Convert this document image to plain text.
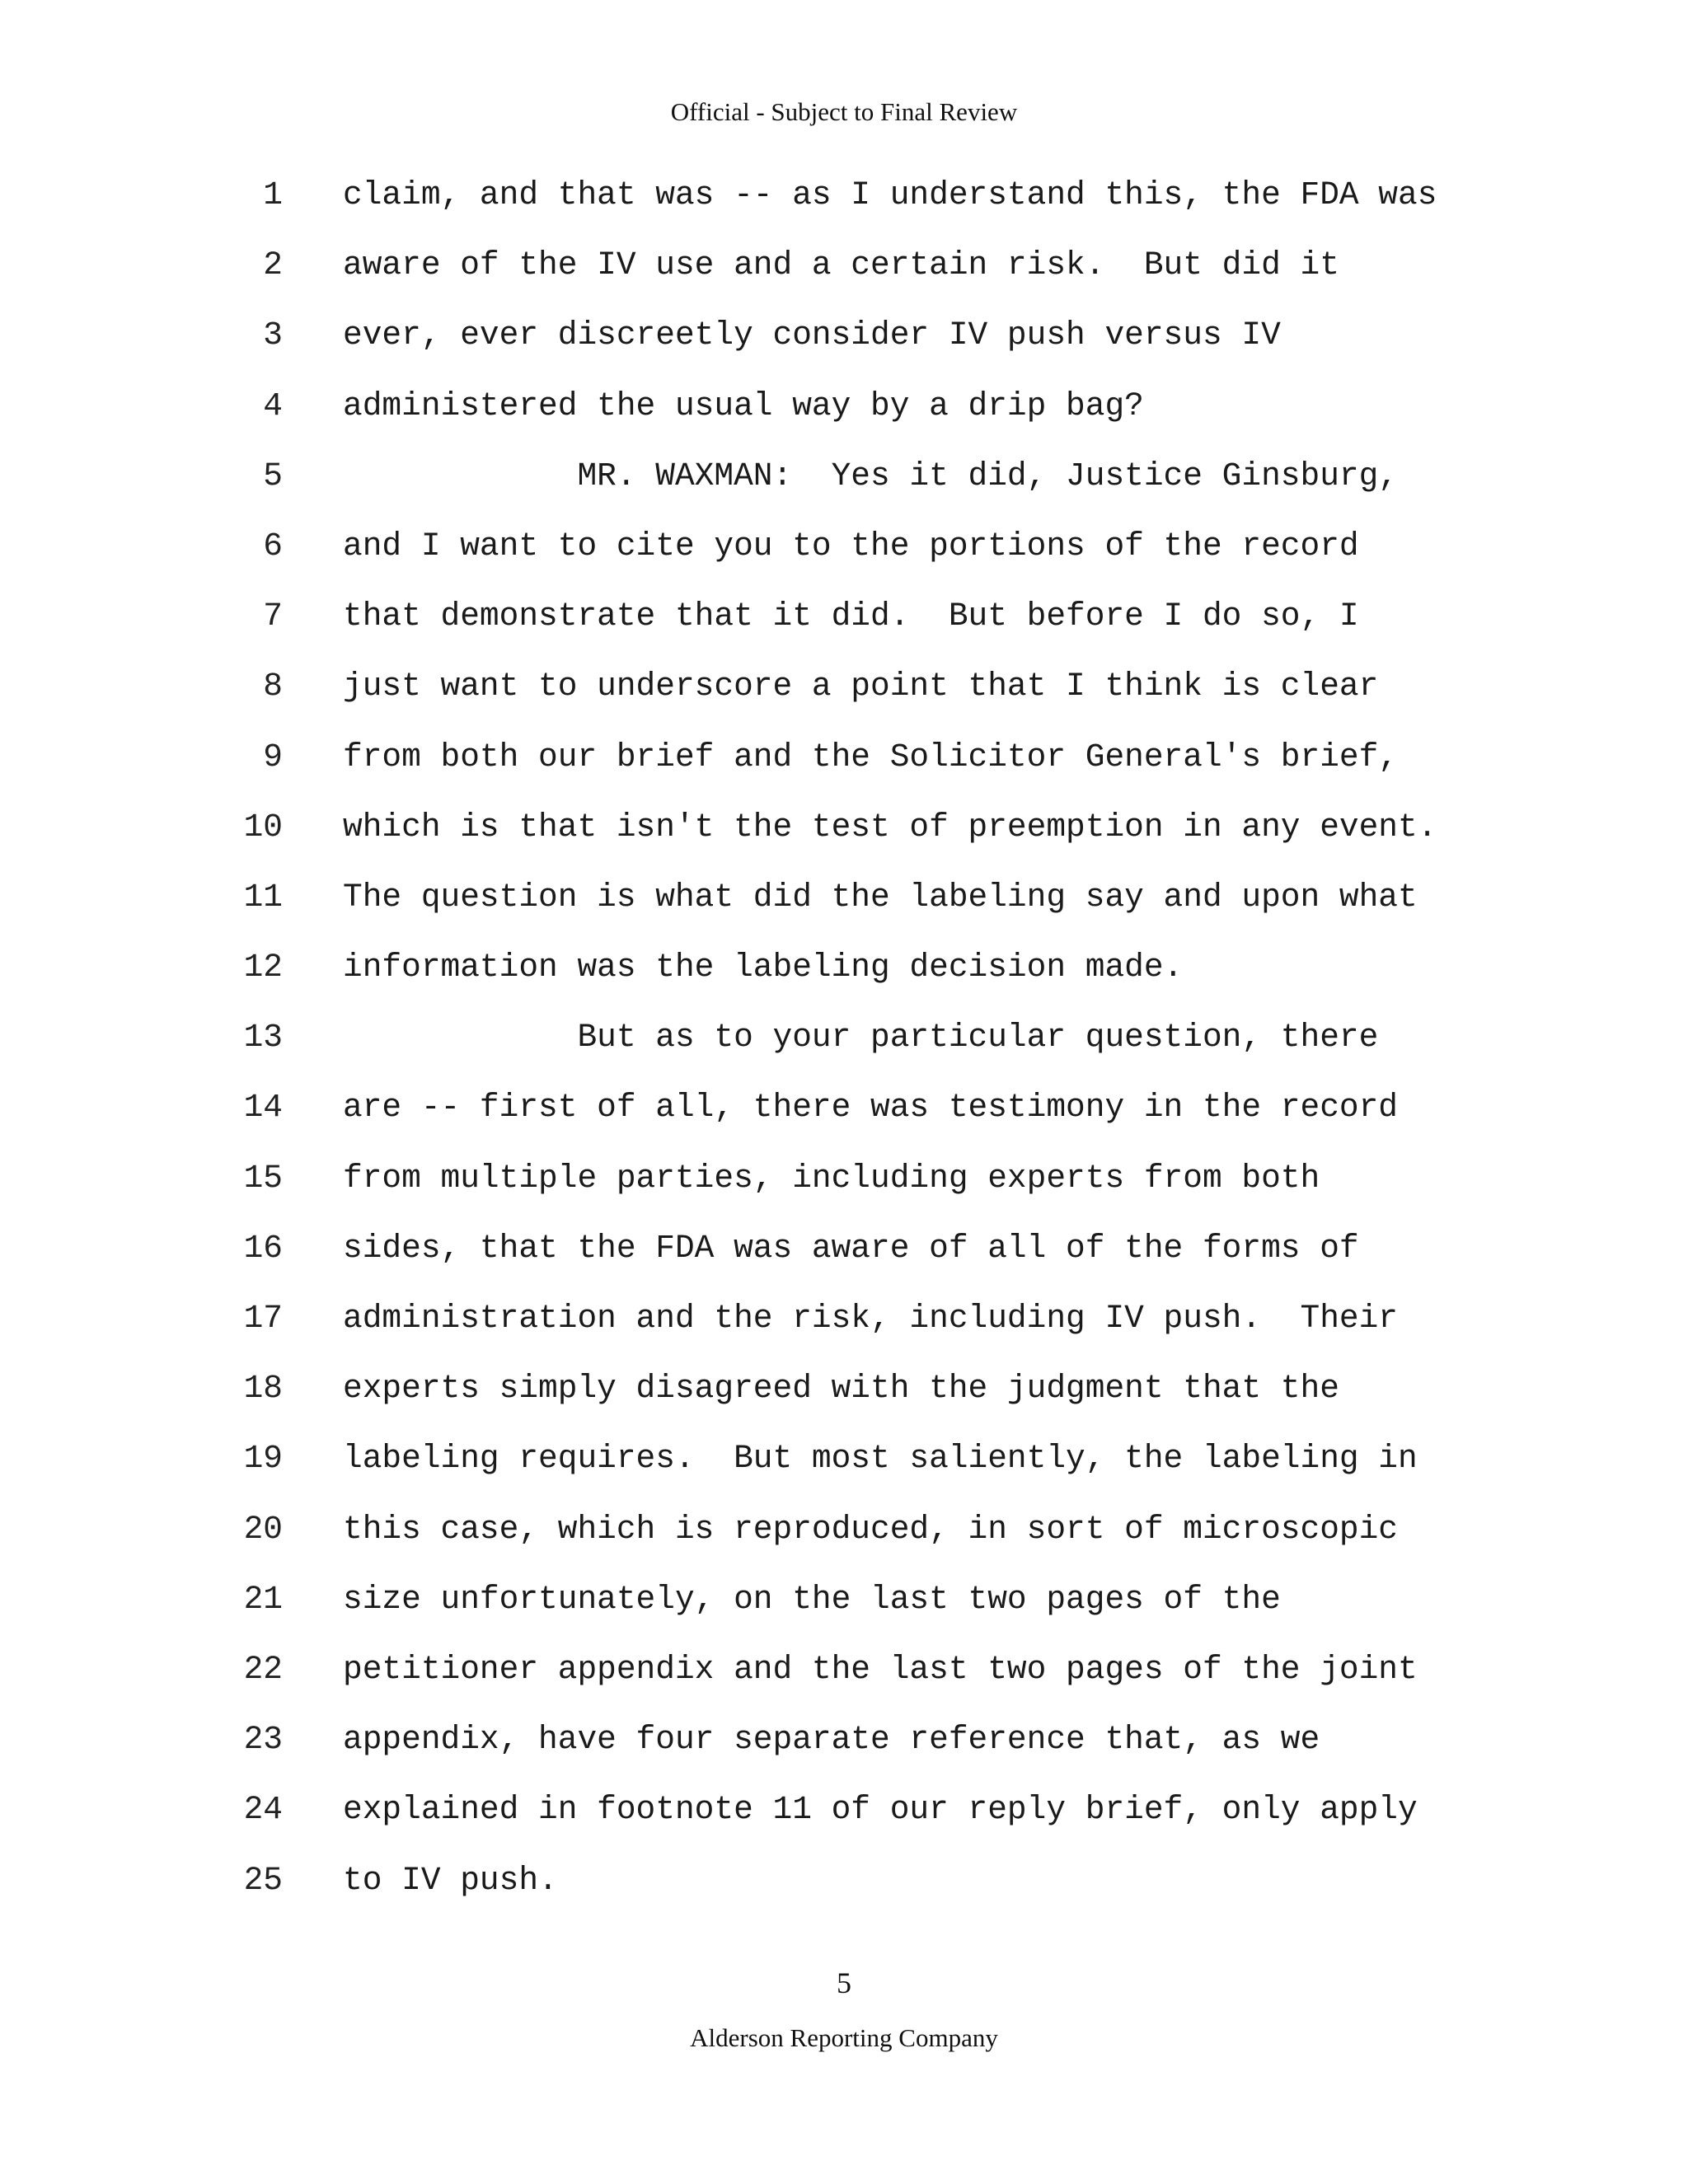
Official - Subject to Final Review
1 claim, and that was -- as I understand this, the FDA was
2 aware of the IV use and a certain risk.  But did it
3 ever, ever discreetly consider IV push versus IV
4 administered the usual way by a drip bag?
5 MR. WAXMAN:  Yes it did, Justice Ginsburg,
6 and I want to cite you to the portions of the record
7 that demonstrate that it did.  But before I do so, I
8 just want to underscore a point that I think is clear
9 from both our brief and the Solicitor General's brief,
10 which is that isn't the test of preemption in any event.
11 The question is what did the labeling say and upon what
12 information was the labeling decision made.
13 But as to your particular question, there
14 are -- first of all, there was testimony in the record
15 from multiple parties, including experts from both
16 sides, that the FDA was aware of all of the forms of
17 administration and the risk, including IV push.  Their
18 experts simply disagreed with the judgment that the
19 labeling requires.  But most saliently, the labeling in
20 this case, which is reproduced, in sort of microscopic
21 size unfortunately, on the last two pages of the
22 petitioner appendix and the last two pages of the joint
23 appendix, have four separate reference that, as we
24 explained in footnote 11 of our reply brief, only apply
25 to IV push.
5
Alderson Reporting Company
